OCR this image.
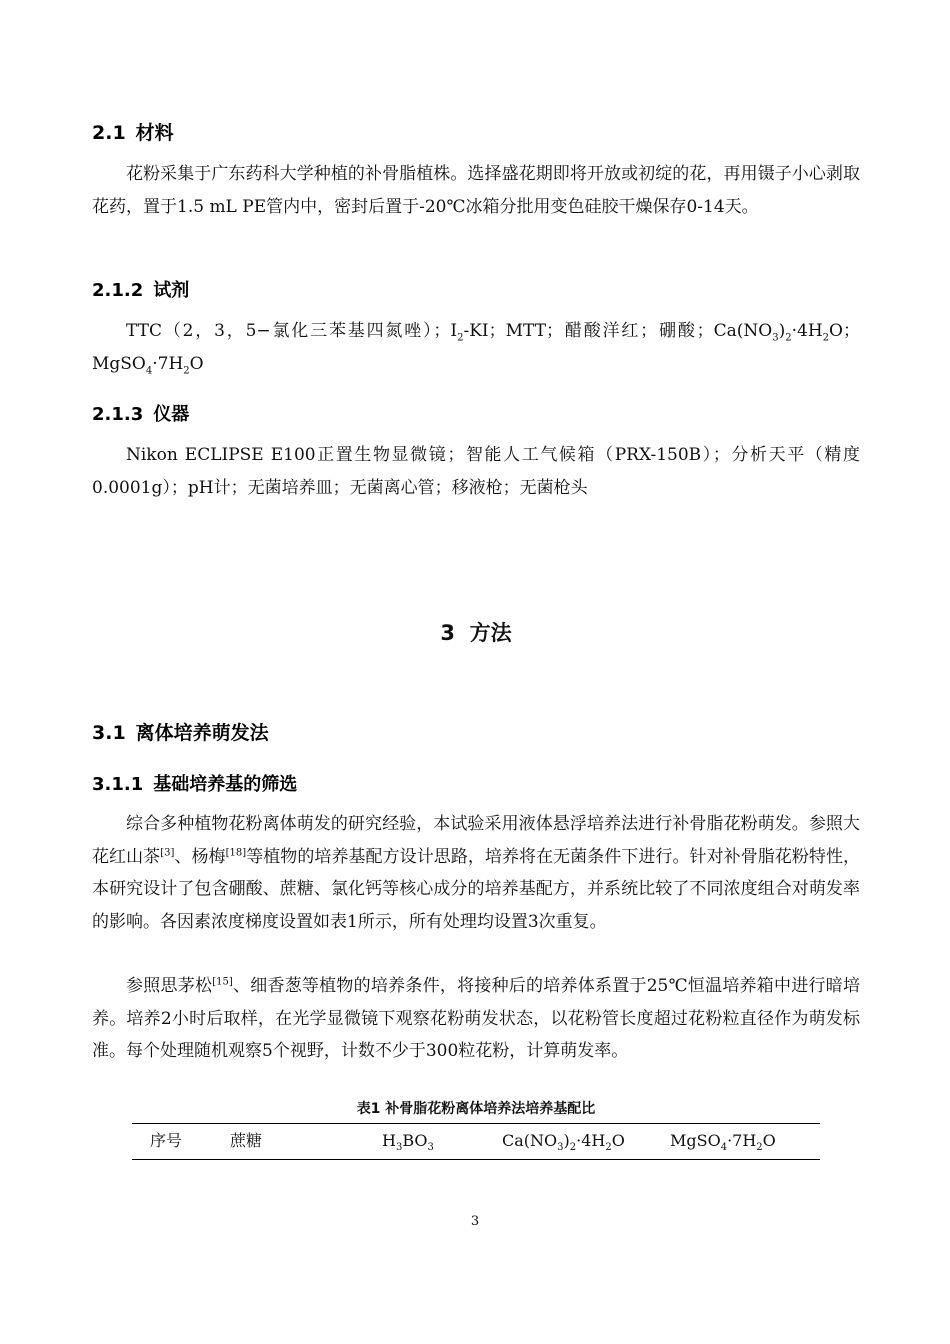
2.1 材料

花粉采集于广东药科大学种植的补骨脂植株。选择盛花期即将开放或初绽的花，再用镊子小心剥取花药，置于1.5 mL PE管内中，密封后置于-20℃冰箱分批用变色硅胶干燥保存0-14天。

2.1.2 试剂

TTC（2，3，5−氯化三苯基四氮唑）；$I_2-KI$；MTT；醋酸洋红；硼酸；$Ca(NO_3)_2\cdot 4H_2O$；$MgSO_4\cdot 7H_2O$

2.1.3 仪器

Nikon ECLIPSE E100正置生物显微镜；智能人工气候箱（PRX-150B）；分析天平（精度0.0001g）；pH计；无菌培养皿；无菌离心管；移液枪；无菌枪头

3 方法
3.1 离体培养萌发法
3.1.1 基础培养基的筛选

综合多种植物花粉离体萌发的研究经验，本试验采用液体悬浮培养法进行补骨脂花粉萌发。参照大花红山茶[3]、杨梅[18]等植物的培养基配方设计思路，培养将在无菌条件下进行。针对补骨脂花粉特性，本研究设计了包含硼酸、蔗糖、氯化钙等核心成分的培养基配方，并系统比较了不同浓度组合对萌发率的影响。各因素浓度梯度设置如表1所示，所有处理均设置3次重复。

参照思茅松[15]、细香葱等植物的培养条件，将接种后的培养体系置于25℃恒温培养箱中进行暗培养。培养2小时后取样，在光学显微镜下观察花粉萌发状态，以花粉管长度超过花粉粒直径作为萌发标准。每个处理随机观察5个视野，计数不少于300粒花粉，计算萌发率。

表1 补骨脂花粉离体培养法培养基配比
序号	蔗糖	$H_3BO_3$	$Ca(NO_3)_2\cdot 4H_2O$	$MgSO_4\cdot 7H_2O$
3
